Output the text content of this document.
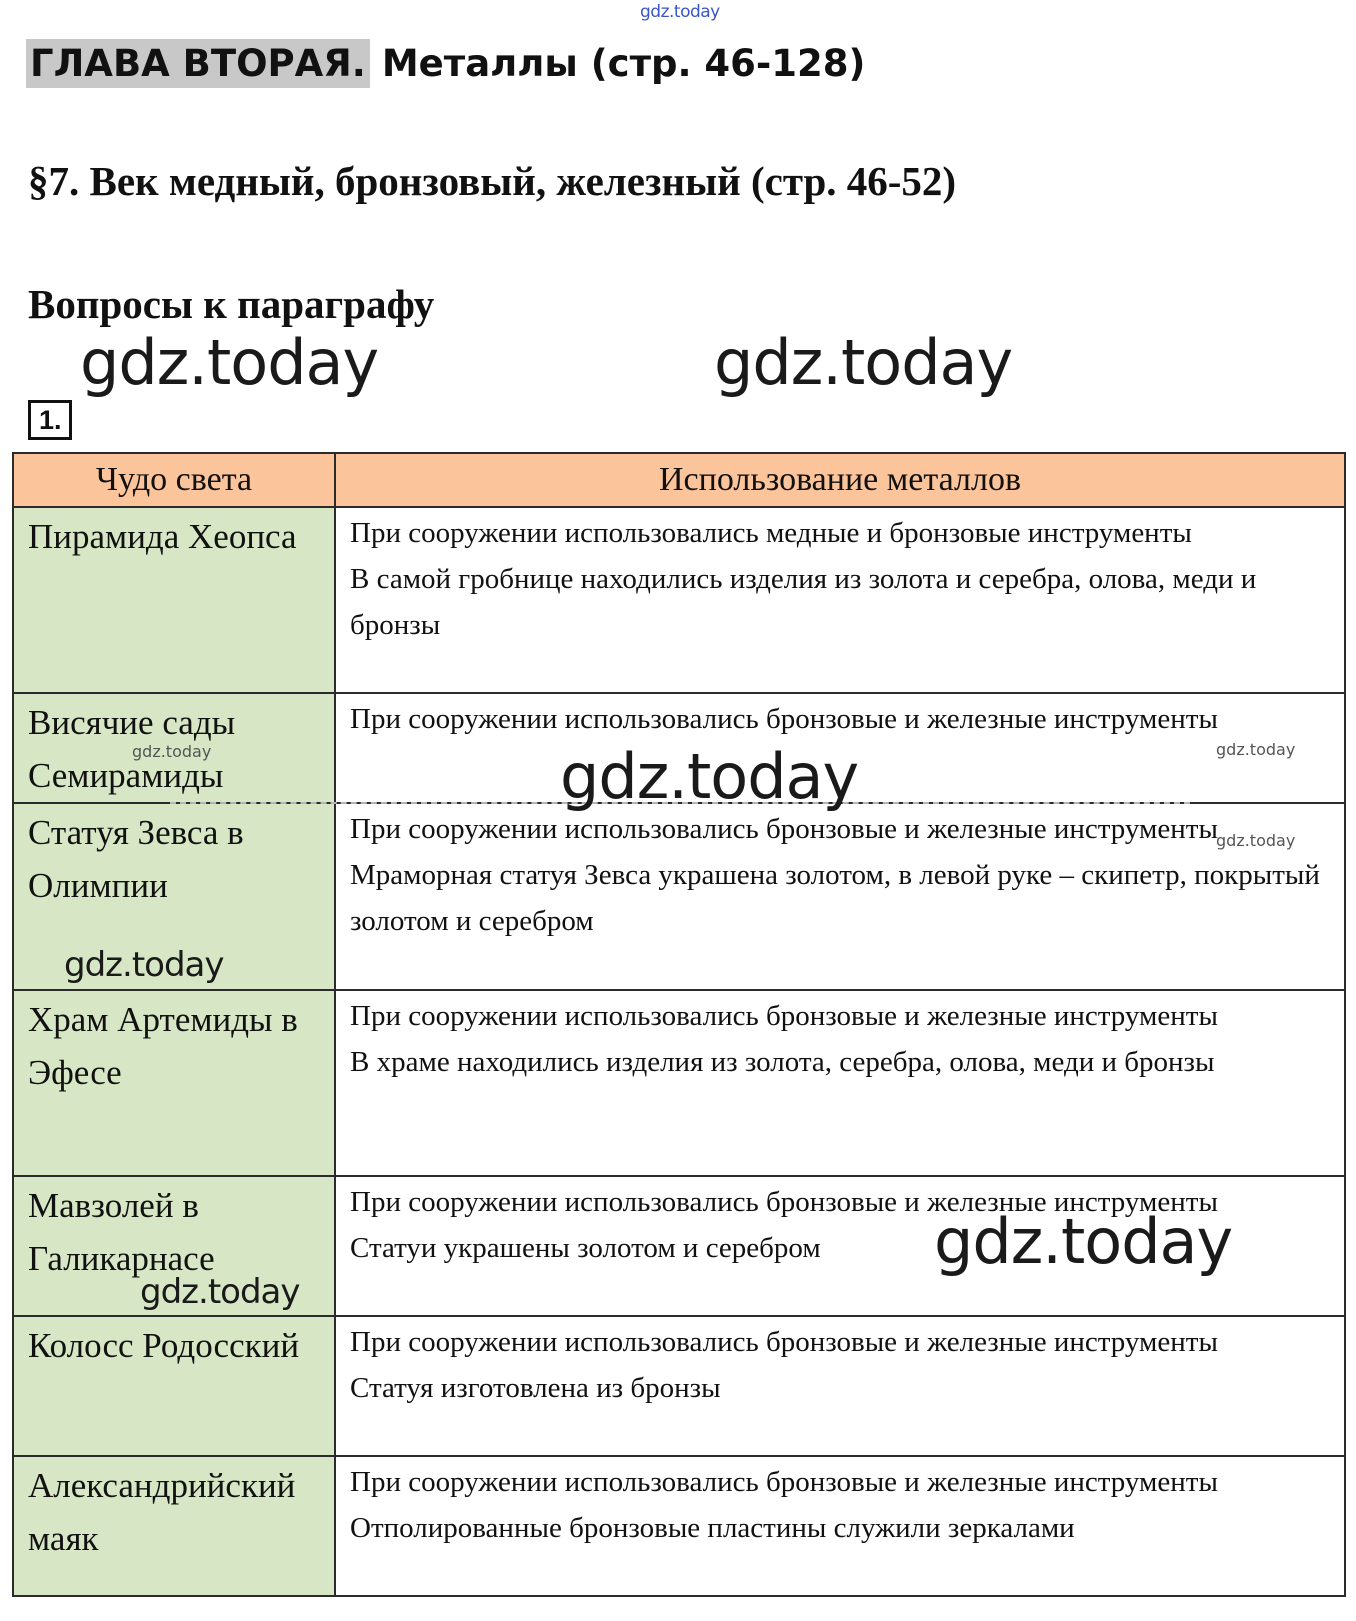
gdz.today
ГЛАВА ВТОРАЯ. Металлы (стр. 46-128)
§7. Век медный, бронзовый, железный (стр. 46-52)
Вопросы к параграфу
1.
gdz.today	gdz.today
Чудо света	Использование металлов
Пирамида Хеопса	При сооружении использовались медные и бронзовые инструменты

В самой гробнице находились изделия из золота и серебра, олова, меди и бронзы

Висячие сады Семирамиды	При сооружении использовались бронзовые и железные инструменты

Статуя Зевса в Олимпии	При сооружении использовались бронзовые и железные инструменты

Мраморная статуя Зевса украшена золотом, в левой руке – скипетр, покрытый золотом и серебром

Храм Артемиды в Эфесе	При сооружении использовались бронзовые и железные инструменты

В храме находились изделия из золота, серебра, олова, меди и бронзы

Мавзолей в Галикарнасе	При сооружении использовались бронзовые и железные инструменты

Статуи украшены золотом и серебром

Колосс Родосский	При сооружении использовались бронзовые и железные инструменты

Статуя изготовлена из бронзы

Александрийский маяк	При сооружении использовались бронзовые и железные инструменты

Отполированные бронзовые пластины служили зеркалами

gdz.today	gdz.today	gdz.today
gdz.today
gdz.today
gdz.today
gdz.today
